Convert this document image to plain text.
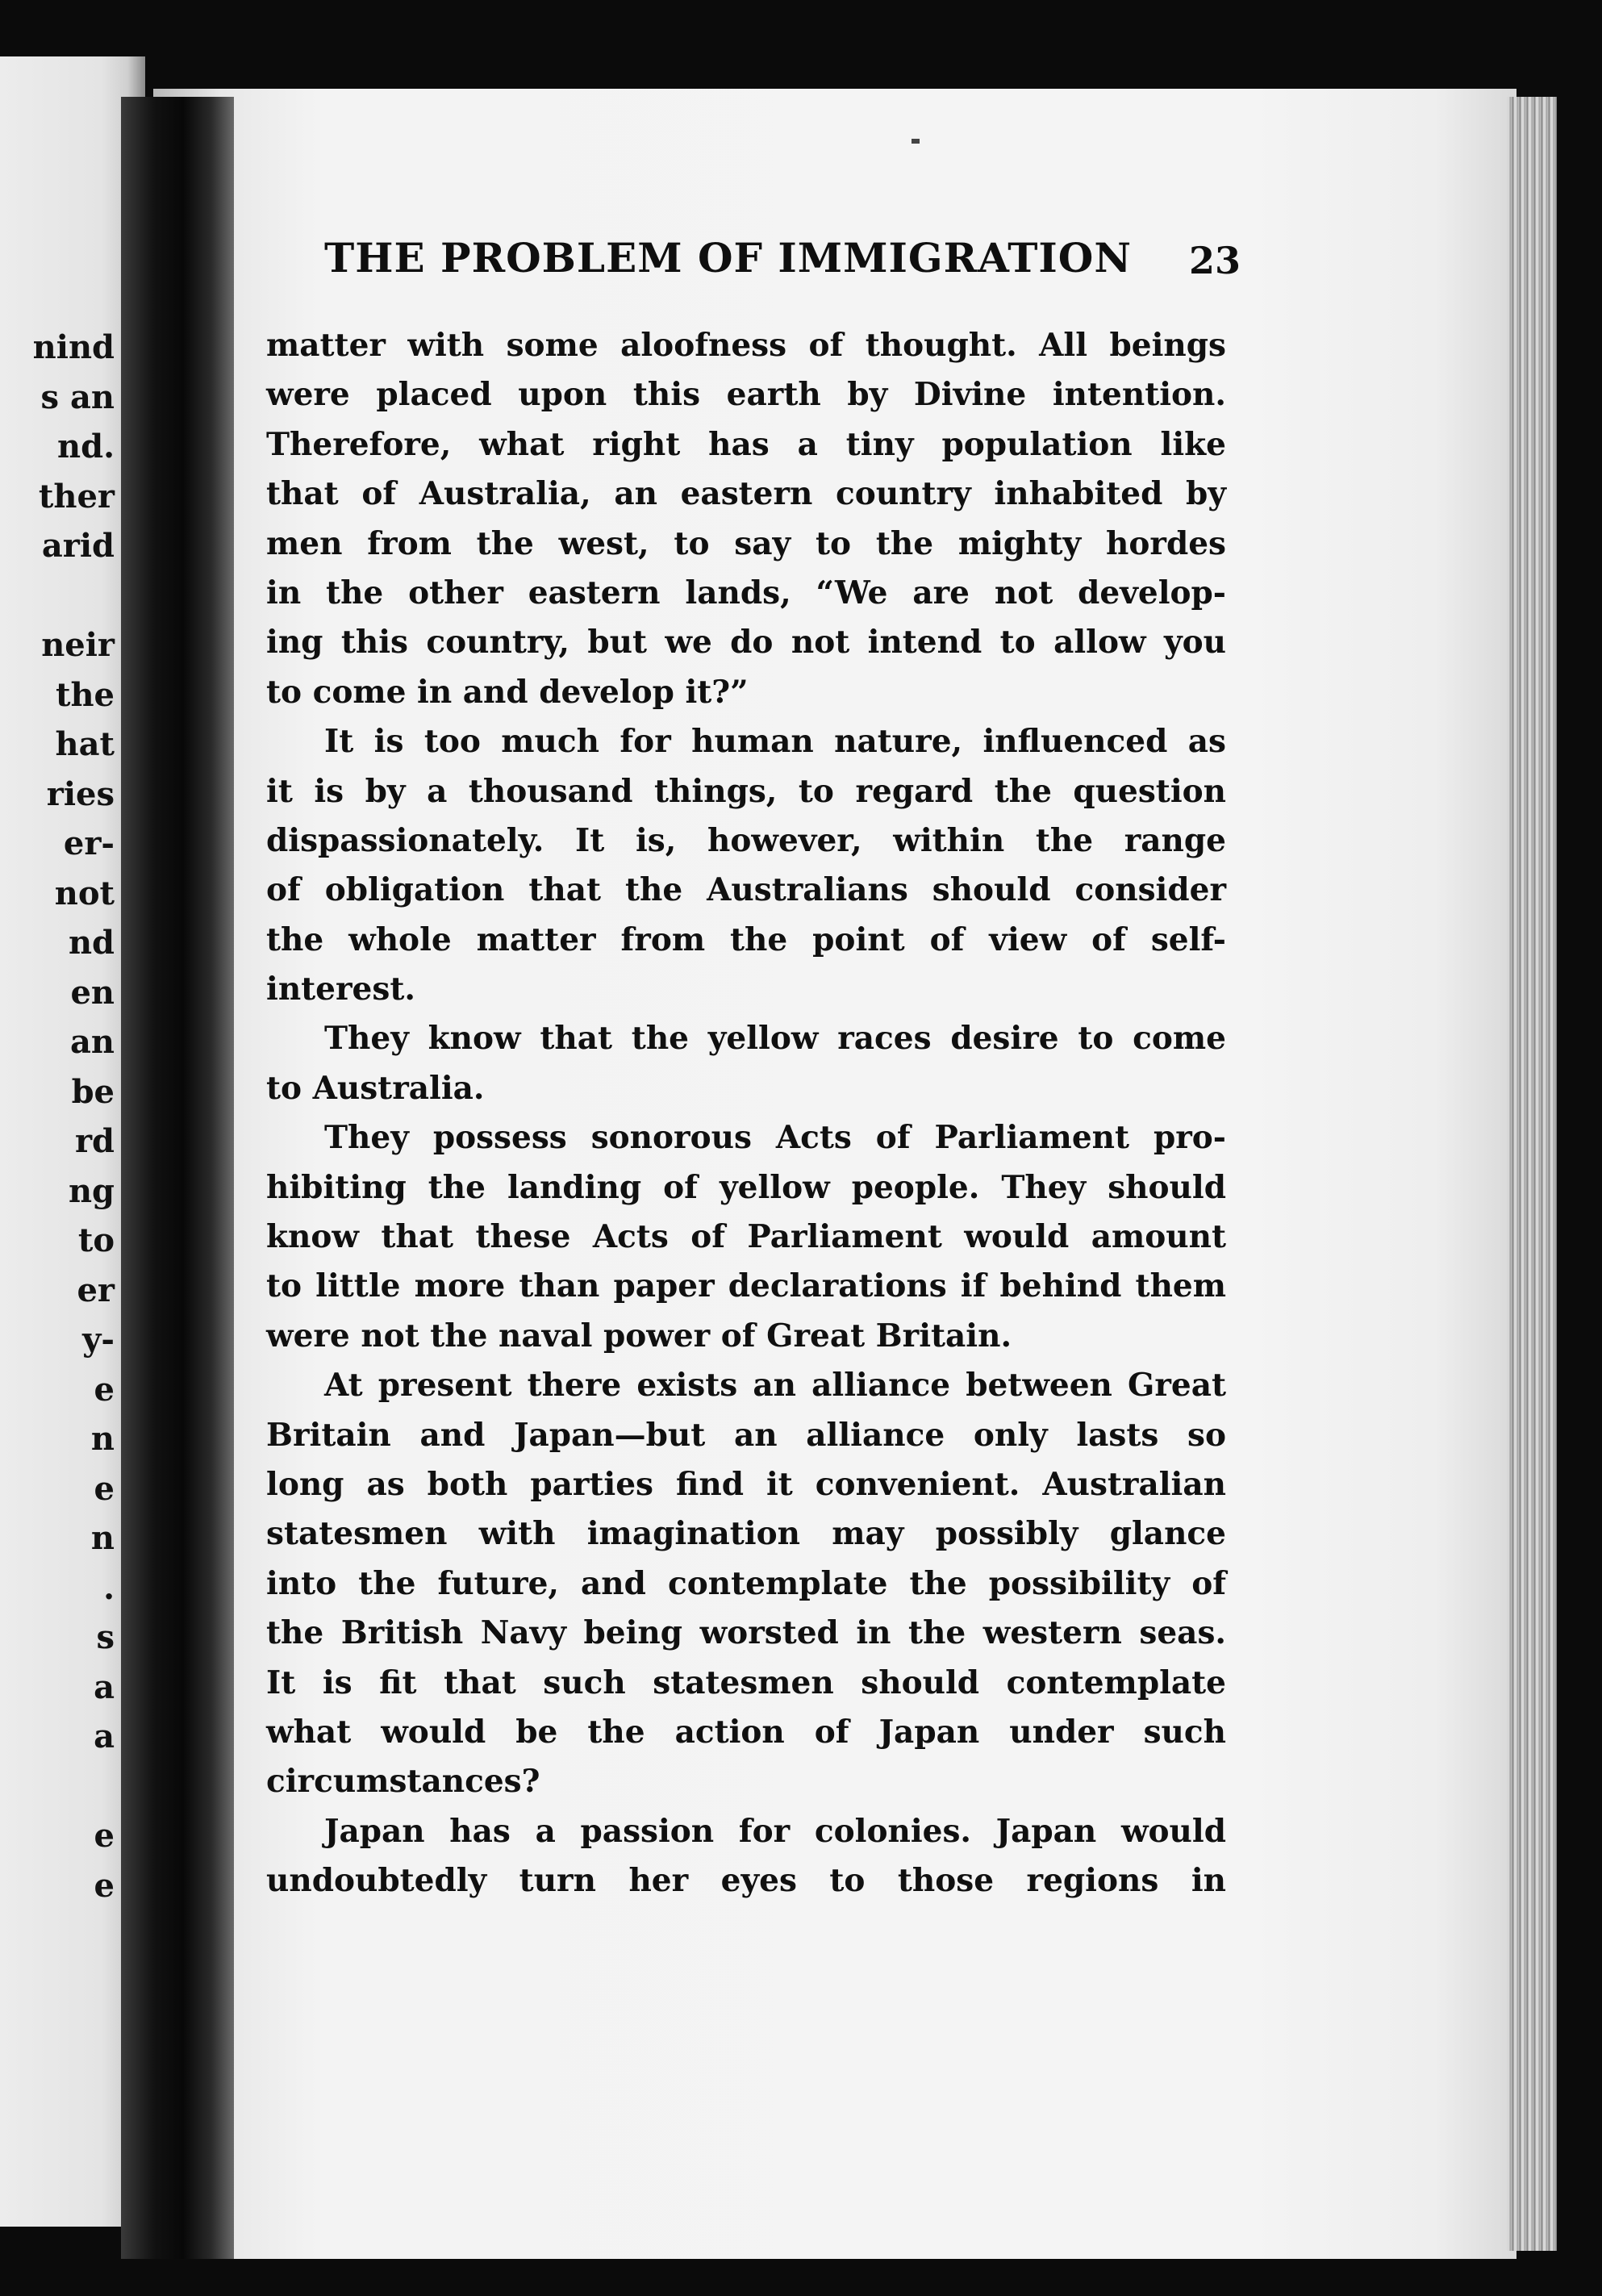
nind
s an
nd.
ther
arid
neir
the
hat
ries
er-
not
nd
en
an
be
rd
ng
to
er
y-
e
n
e
n
.
s
a
a
e
e
THE PROBLEM OF IMMIGRATION	23
matter with some aloofness of thought. All beings
were placed upon this earth by Divine intention.
Therefore, what right has a tiny population like
that of Australia, an eastern country inhabited by
men from the west, to say to the mighty hordes
in the other eastern lands, “We are not develop-
ing this country, but we do not intend to allow you
to come in and develop it?”
It is too much for human nature, influenced as
it is by a thousand things, to regard the question
dispassionately. It is, however, within the range
of obligation that the Australians should consider
the whole matter from the point of view of self-
interest.
They know that the yellow races desire to come
to Australia.
They possess sonorous Acts of Parliament pro-
hibiting the landing of yellow people. They should
know that these Acts of Parliament would amount
to little more than paper declarations if behind them
were not the naval power of Great Britain.
At present there exists an alliance between Great
Britain and Japan—but an alliance only lasts so
long as both parties find it convenient. Australian
statesmen with imagination may possibly glance
into the future, and contemplate the possibility of
the British Navy being worsted in the western seas.
It is fit that such statesmen should contemplate
what would be the action of Japan under such
circumstances?
Japan has a passion for colonies. Japan would
undoubtedly turn her eyes to those regions in
